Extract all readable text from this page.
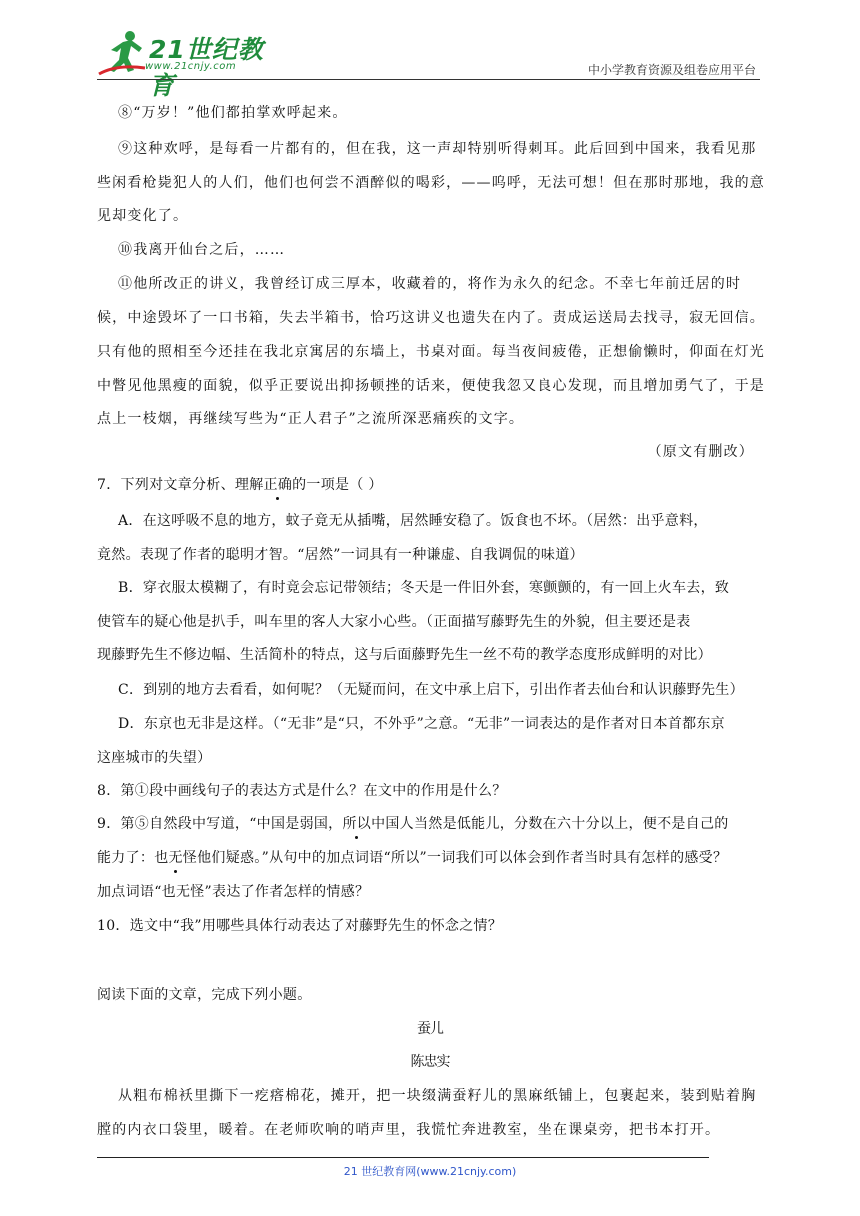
21世纪教育
www.21cnjy.com	中小学教育资源及组卷应用平台
⑧“万岁！”他们都拍掌欢呼起来。
⑨这种欢呼，是每看一片都有的，但在我，这一声却特别听得刺耳。此后回到中国来，我看见那
些闲看枪毙犯人的人们，他们也何尝不酒醉似的喝彩，——呜呼，无法可想！但在那时那地，我的意
见却变化了。
⑩我离开仙台之后，……
⑪他所改正的讲义，我曾经订成三厚本，收藏着的，将作为永久的纪念。不幸七年前迁居的时
候，中途毁坏了一口书箱，失去半箱书，恰巧这讲义也遗失在内了。责成运送局去找寻，寂无回信。
只有他的照相至今还挂在我北京寓居的东墙上，书桌对面。每当夜间疲倦，正想偷懒时，仰面在灯光
中瞥见他黑瘦的面貌，似乎正要说出抑扬顿挫的话来，便使我忽又良心发现，而且增加勇气了，于是
点上一枝烟，再继续写些为“正人君子”之流所深恶痛疾的文字。
（原文有删改）
7．下列对文章分析、理解正确的一项是（ ）
A．在这呼吸不息的地方，蚊子竟无从插嘴，居然睡安稳了。饭食也不坏。（居然：出乎意料，
竟然。表现了作者的聪明才智。“居然”一词具有一种谦虚、自我调侃的味道）
B．穿衣服太模糊了，有时竟会忘记带领结；冬天是一件旧外套，寒颤颤的，有一回上火车去，致
使管车的疑心他是扒手，叫车里的客人大家小心些。（正面描写藤野先生的外貌，但主要还是表
现藤野先生不修边幅、生活简朴的特点，这与后面藤野先生一丝不苟的教学态度形成鲜明的对比）
C．到别的地方去看看，如何呢？（无疑而问，在文中承上启下，引出作者去仙台和认识藤野先生）
D．东京也无非是这样。（“无非”是“只，不外乎”之意。“无非”一词表达的是作者对日本首都东京
这座城市的失望）
8．第①段中画线句子的表达方式是什么？在文中的作用是什么？
9．第⑤自然段中写道，“中国是弱国，所以中国人当然是低能儿，分数在六十分以上，便不是自己的
能力了：也无怪他们疑惑。”从句中的加点词语“所以”一词我们可以体会到作者当时具有怎样的感受？
加点词语“也无怪”表达了作者怎样的情感？
10．选文中“我”用哪些具体行动表达了对藤野先生的怀念之情？
阅读下面的文章，完成下列小题。
蚕儿
陈忠实
从粗布棉袄里撕下一疙瘩棉花，摊开，把一块缀满蚕籽儿的黑麻纸铺上，包裹起来，装到贴着胸
膛的内衣口袋里，暖着。在老师吹响的哨声里，我慌忙奔进教室，坐在课桌旁，把书本打开。
21 世纪教育网(www.21cnjy.com)
